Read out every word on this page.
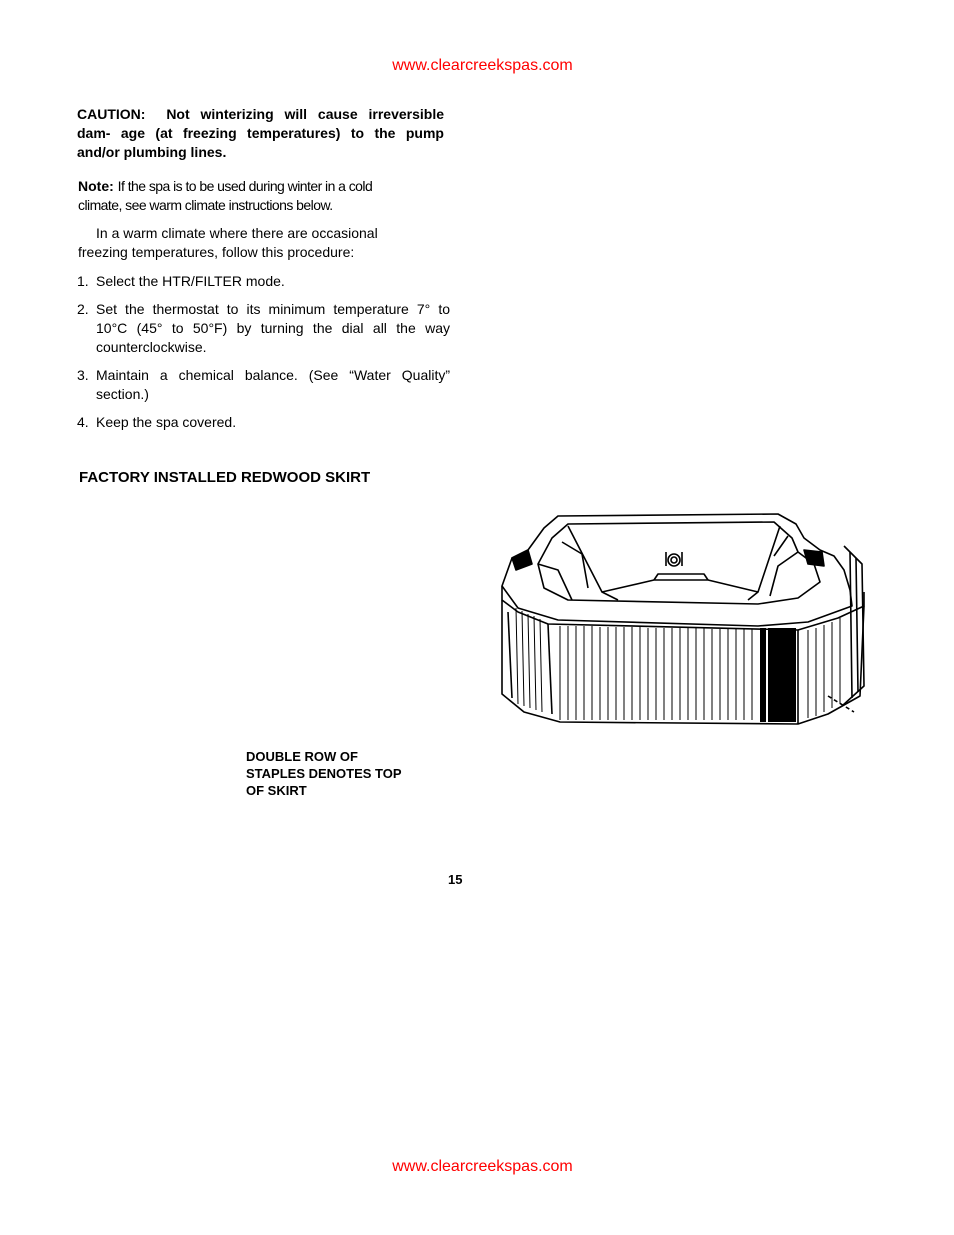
www.clearcreekspas.com
CAUTION: Not winterizing will cause irreversible dam- age (at freezing temperatures) to the pump and/or plumbing lines.
Note: If the spa is to be used during winter in a cold climate, see warm climate instructions below.
In a warm climate where there are occasional freezing temperatures, follow this procedure:
1. Select the HTR/FILTER mode.
2. Set the thermostat to its minimum temperature 7° to 10°C (45° to 50°F) by turning the dial all the way counterclockwise.
3. Maintain a chemical balance. (See “Water Quality” section.)
4. Keep the spa covered.
FACTORY INSTALLED REDWOOD SKIRT
DOUBLE ROW OF
STAPLES DENOTES TOP
OF SKIRT
15
www.clearcreekspas.com
